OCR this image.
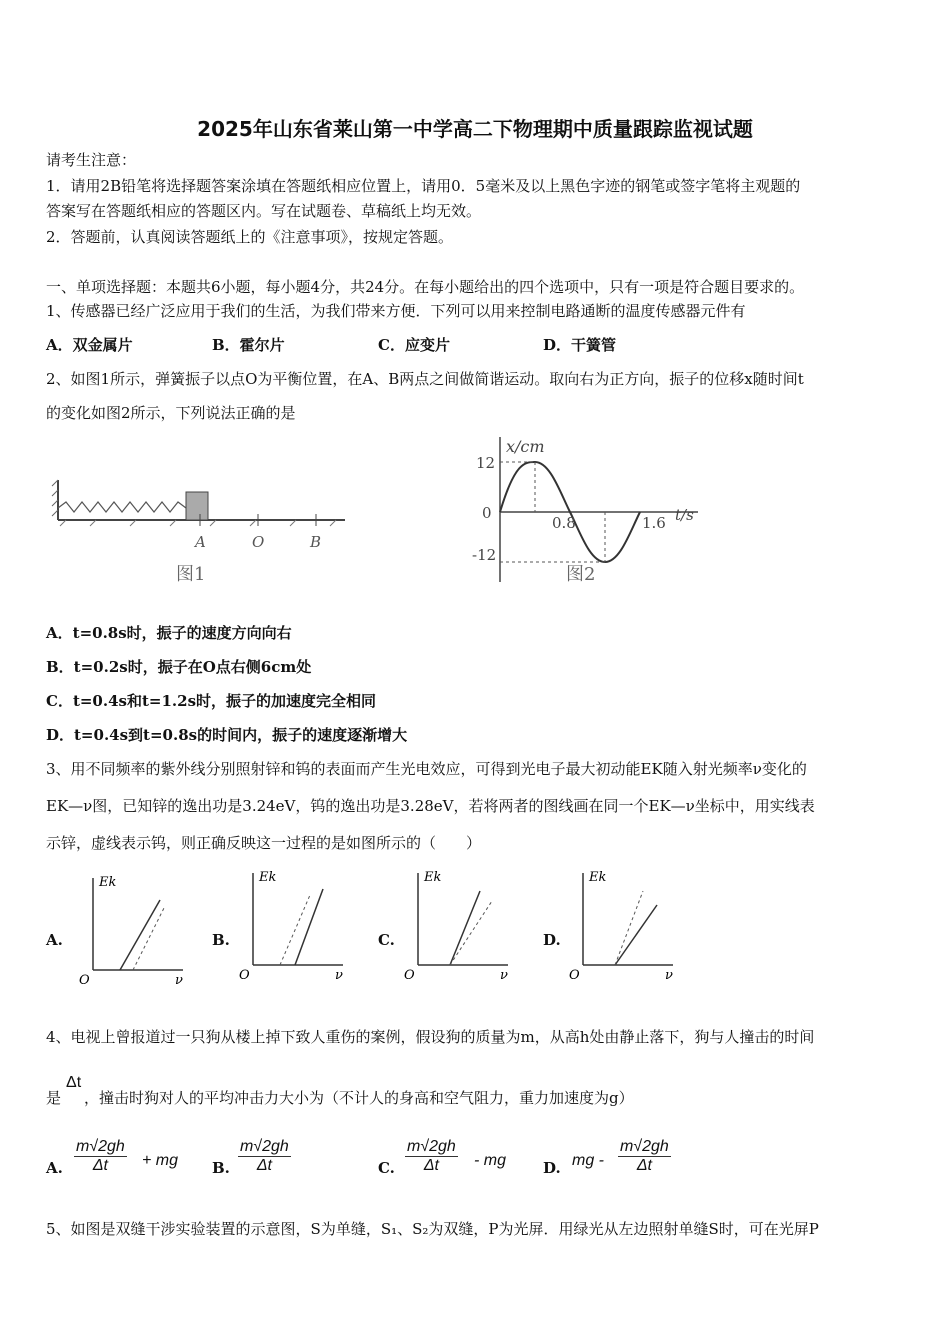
2025年山东省莱山第一中学高二下物理期中质量跟踪监视试题
请考生注意：
1．请用2B铅笔将选择题答案涂填在答题纸相应位置上，请用0．5毫米及以上黑色字迹的钢笔或签字笔将主观题的
答案写在答题纸相应的答题区内。写在试题卷、草稿纸上均无效。
2．答题前，认真阅读答题纸上的《注意事项》，按规定答题。
一、单项选择题：本题共6小题，每小题4分，共24分。在每小题给出的四个选项中，只有一项是符合题目要求的。
1、传感器已经广泛应用于我们的生活，为我们带来方便．下列可以用来控制电路通断的温度传感器元件有
A．双金属片	B．霍尔片	C．应变片	D．干簧管
2、如图1所示，弹簧振子以点O为平衡位置，在A、B两点之间做简谐运动。取向右为正方向，振子的位移x随时间t
的变化如图2所示，下列说法正确的是
A	O	B
图1
x/cm
t/s
12
0
-12
0.8	1.6
图2
A．t=0.8s时，振子的速度方向向右
B．t=0.2s时，振子在O点右侧6cm处
C．t=0.4s和t=1.2s时，振子的加速度完全相同
D．t=0.4s到t=0.8s的时间内，振子的速度逐渐增大
3、用不同频率的紫外线分别照射锌和钨的表面而产生光电效应，可得到光电子最大初动能EK随入射光频率ν变化的
EK—ν图，已知锌的逸出功是3.24eV，钨的逸出功是3.28eV，若将两者的图线画在同一个EK—ν坐标中，用实线表
示锌，虚线表示钨，则正确反映这一过程的是如图所示的（　　）
A.	B.	C.	D.
Ek
ν
O
Ek
ν
O
Ek
ν
O
Ek
ν
O
4、电视上曾报道过一只狗从楼上掉下致人重伤的案例，假设狗的质量为m，从高h处由静止落下，狗与人撞击的时间
是
Δt
，撞击时狗对人的平均冲击力大小为（不计人的身高和空气阻力，重力加速度为g）
A. $\frac{m√2gh}{\Delta t}$ + mg B. $\frac{m√2gh}{\Delta t}$	C. $\frac{m√2gh}{\Delta t}$ - mg D. mg - $\frac{m√2gh}{\Delta t}$
5、如图是双缝干涉实验装置的示意图，S为单缝，S₁、S₂为双缝，P为光屏．用绿光从左边照射单缝S时，可在光屏P
